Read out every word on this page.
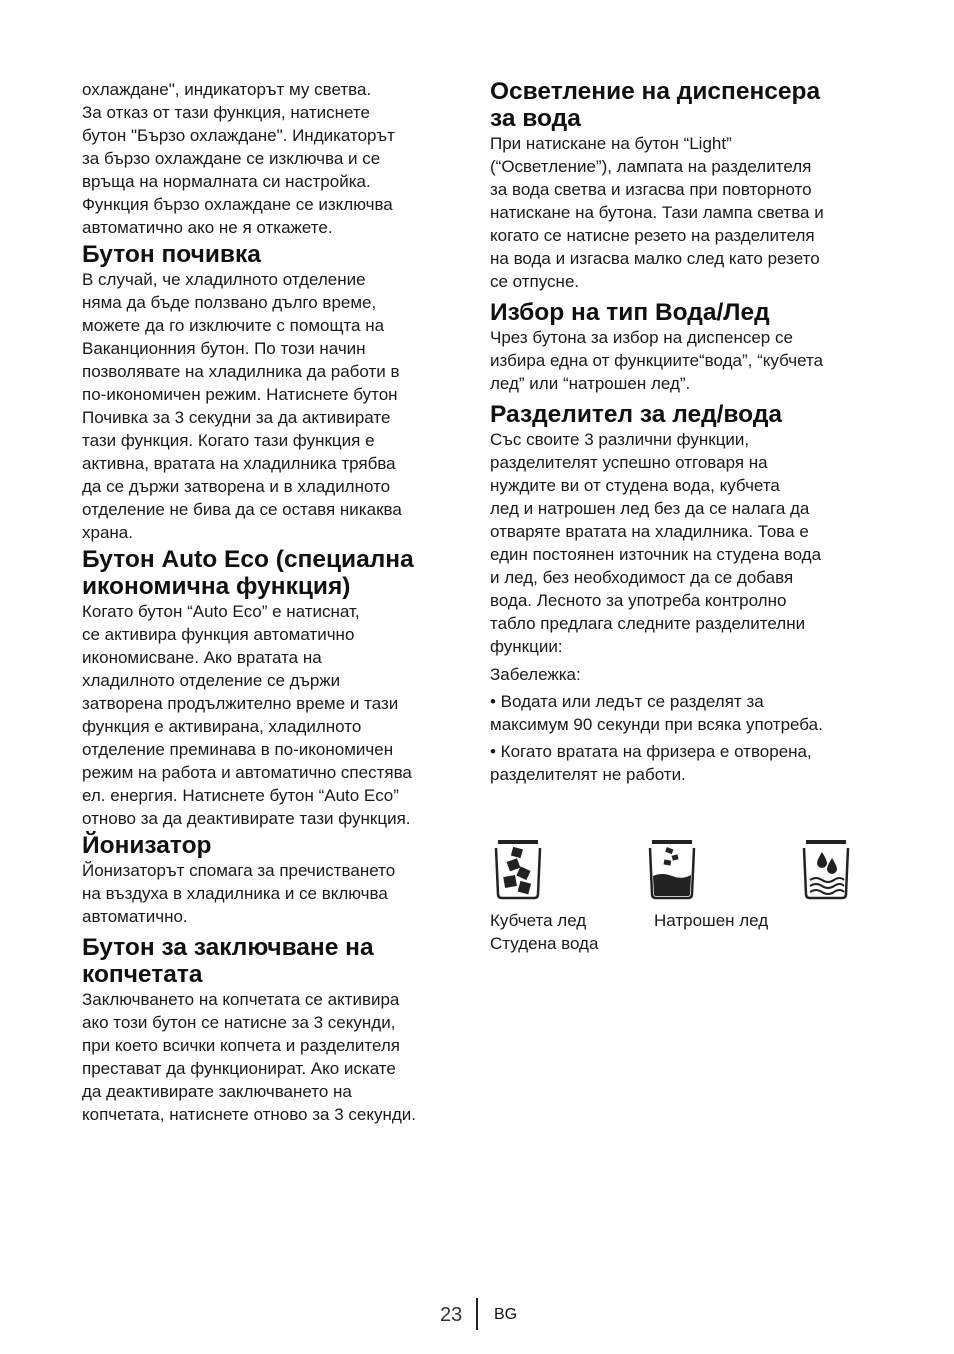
охлаждане", индикаторът му светва.
За отказ от тази функция, натиснете
бутон "Бързо охлаждане". Индикаторът
за бързо охлаждане се изключва и се
връща на нормалната си настройка.
Функция бързо охлаждане се изключва
автоматично ако не я откажете.

Бутон почивка

В случай, че хладилното отделение
няма да бъде ползвано дълго време,
можете да го изключите с помощта на
Ваканционния бутон. По този начин
позволявате на хладилника да работи в
по-икономичен режим. Натиснете бутон
Почивка за 3 секудни за да активирате
тази функция. Когато тази функция е
активна, вратата на хладилника трябва
да се държи затворена и в хладилното
отделение не бива да се оставя никаква
храна.

Бутон Auto Eco (специална
икономична функция)

Когато бутон “Auto Eco” е натиснат,
се активира функция автоматично
икономисване. Ако вратата на
хладилното отделение се държи
затворена продължително време и тази
функция е активирана, хладилното
отделение преминава в по-икономичен
режим на работа и автоматично спестява
ел. енергия. Натиснете бутон “Auto Eco”
отново за да деактивирате тази функция.

Йонизатор

Йонизаторът спомага за пречистването
на въздуха в хладилника и се включва
автоматично.

Бутон за заключване на
копчетата

Заключването на копчетата се активира
ако този бутон се натисне за 3 секунди,
при което всички копчета и разделителя
престават да функционират. Ако искате
да деактивирате заключването на
копчетата, натиснете отново за 3 секунди.

Осветление на диспенсера
за вода

При натискане на бутон “Light”
(“Осветление”), лампата на разделителя
за вода светва и изгасва при повторното
натискане на бутона. Тази лампа светва и
когато се натисне резето на разделителя
на вода и изгасва малко след като резето
се отпусне.

Избор на тип Вода/Лед

Чрез бутона за избор на диспенсер се
избира една от функциите“вода”, “кубчета
лед” или “натрошен лед”.

Разделител за лед/вода

Със своите 3 различни функции,
разделителят успешно отговаря на
нуждите ви от студена вода, кубчета
лед и натрошен лед без да се налага да
отваряте вратата на хладилника. Това е
един постоянен източник на студена вода
и лед, без необходимост да се добавя
вода. Лесното за употреба контролно
табло предлага следните разделителни
функции:

Забележка:

• Водата или ледът се разделят за
максимум 90 секунди при всяка употреба.

• Когато вратата на фризера е отворена,
разделителят не работи.

Кубчета лед	Натрошен лед
Студена вода
23 BG
